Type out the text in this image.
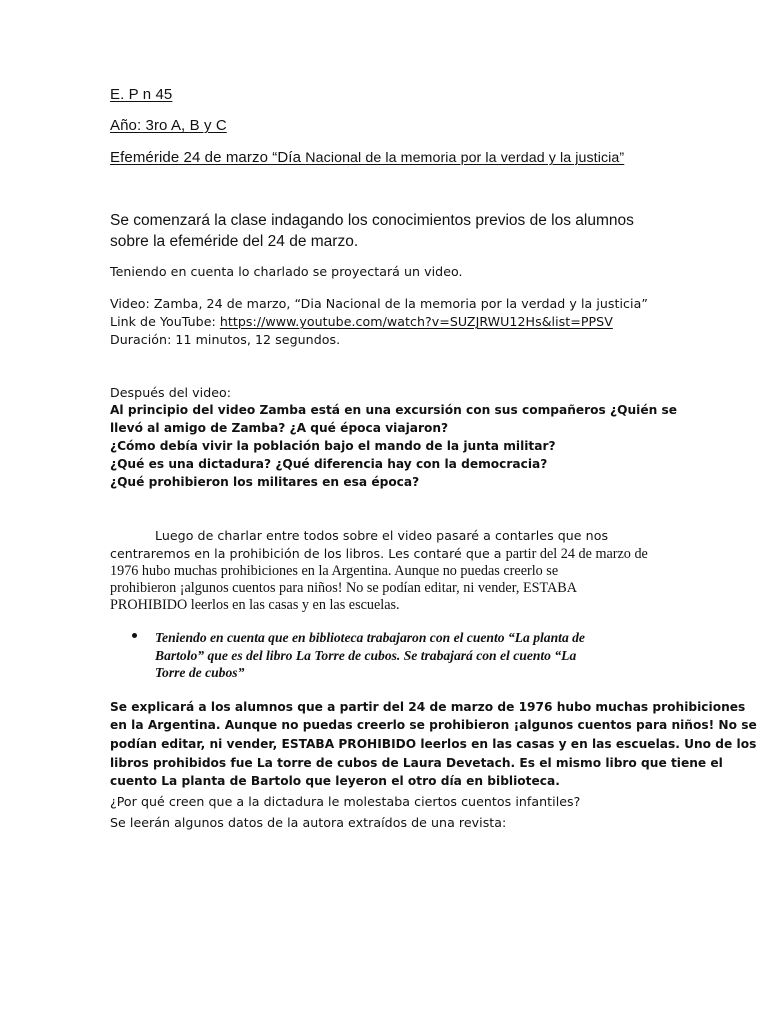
E. P n 45

Año: 3ro A, B y C

Efeméride 24 de marzo “Día Nacional de la memoria por la verdad y la justicia”

Se comenzará la clase indagando los conocimientos previos de los alumnos

sobre la efeméride del 24 de marzo.

Teniendo en cuenta lo charlado se proyectará un video.

Video: Zamba, 24 de marzo, “Dia Nacional de la memoria por la verdad y la justicia”

Link de YouTube: https://www.youtube.com/watch?v=SUZJRWU12Hs&list=PPSV

Duración: 11 minutos, 12 segundos.

Después del video:

Al principio del video Zamba está en una excursión con sus compañeros ¿Quién se

llevó al amigo de Zamba? ¿A qué época viajaron?

¿Cómo debía vivir la población bajo el mando de la junta militar?

¿Qué es una dictadura? ¿Qué diferencia hay con la democracia?

¿Qué prohibieron los militares en esa época?

Luego de charlar entre todos sobre el video pasaré a contarles que nos

centraremos en la prohibición de los libros. Les contaré que a partir del 24 de marzo de

1976 hubo muchas prohibiciones en la Argentina. Aunque no puedas creerlo se

prohibieron ¡algunos cuentos para niños! No se podían editar, ni vender, ESTABA

PROHIBIDO leerlos en las casas y en las escuelas.

Teniendo en cuenta que en biblioteca trabajaron con el cuento “La planta de

Bartolo” que es del libro La Torre de cubos. Se trabajará con el cuento “La

Torre de cubos”

Se explicará a los alumnos que a partir del 24 de marzo de 1976 hubo muchas prohibiciones

en la Argentina. Aunque no puedas creerlo se prohibieron ¡algunos cuentos para niños! No se

podían editar, ni vender, ESTABA PROHIBIDO leerlos en las casas y en las escuelas. Uno de los

libros prohibidos fue La torre de cubos de Laura Devetach. Es el mismo libro que tiene el

cuento La planta de Bartolo que leyeron el otro día en biblioteca.

¿Por qué creen que a la dictadura le molestaba ciertos cuentos infantiles?

Se leerán algunos datos de la autora extraídos de una revista:
